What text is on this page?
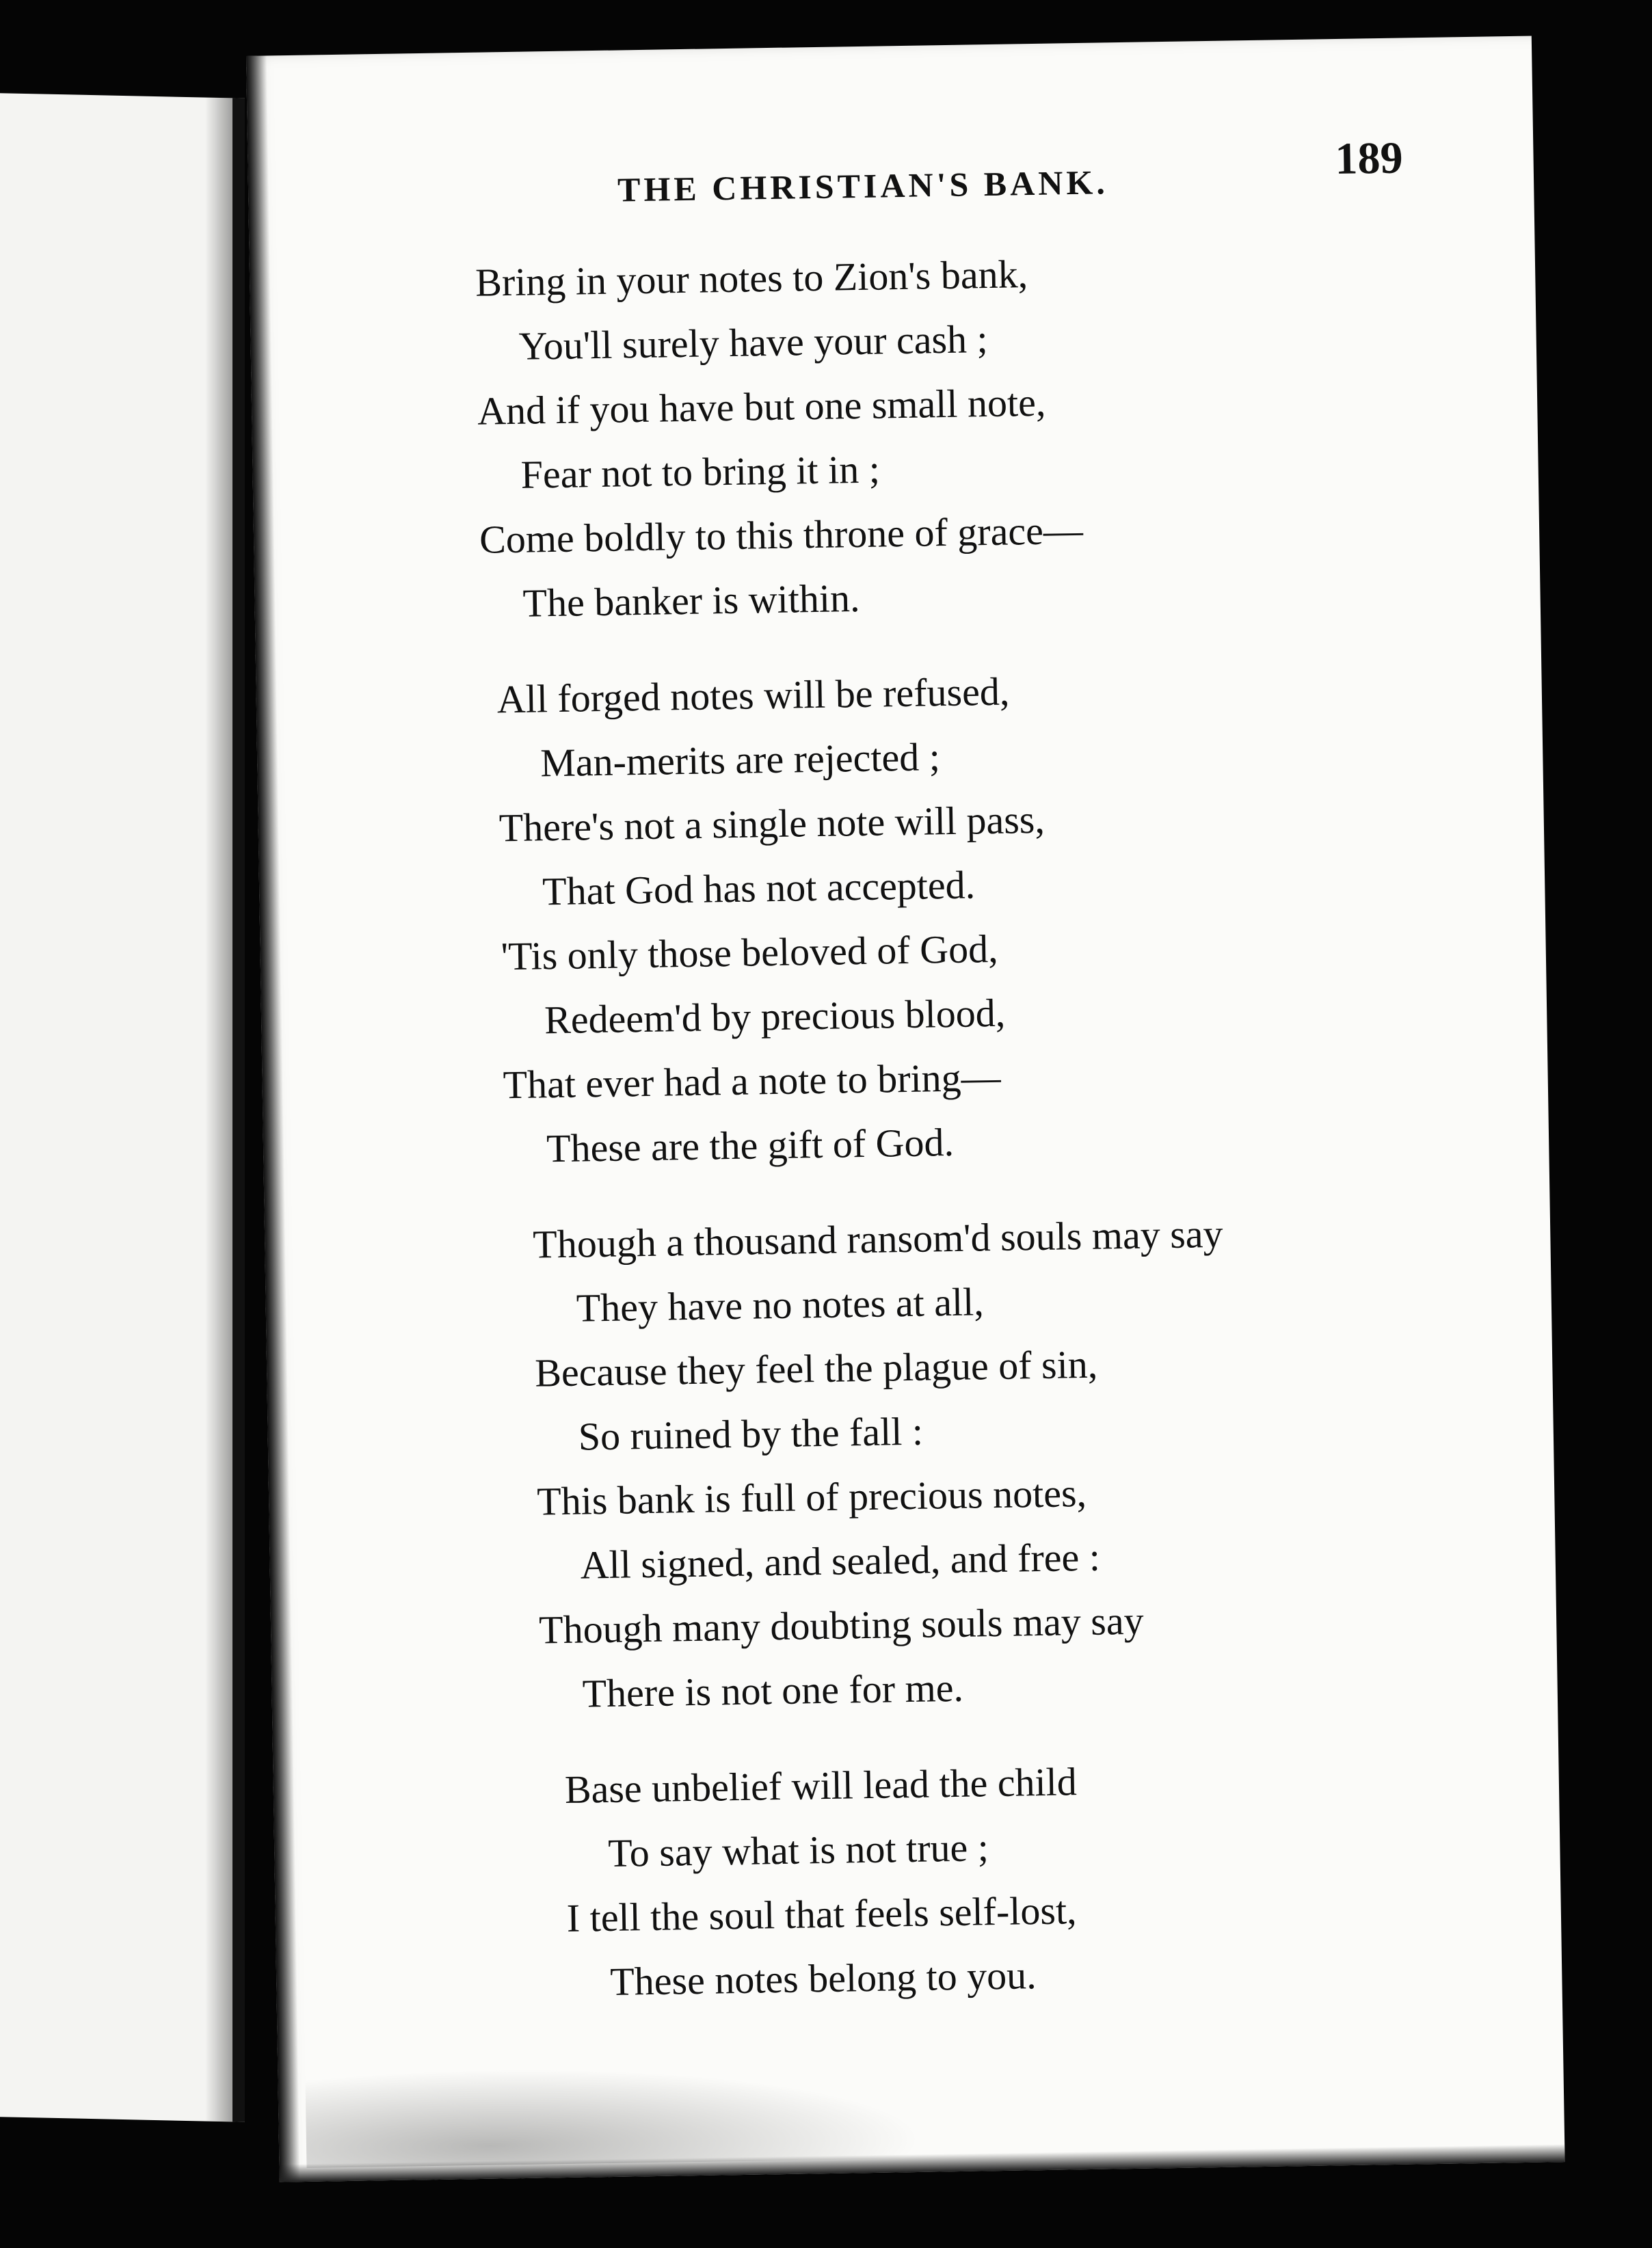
THE CHRISTIAN'S BANK.
189
Bring in your notes to Zion's bank,
You'll surely have your cash ;
And if you have but one small note,
Fear not to bring it in ;
Come boldly to this throne of grace—
The banker is within.
All forged notes will be refused,
Man-merits are rejected ;
There's not a single note will pass,
That God has not accepted.
'Tis only those beloved of God,
Redeem'd by precious blood,
That ever had a note to bring—
These are the gift of God.
Though a thousand ransom'd souls may say
They have no notes at all,
Because they feel the plague of sin,
So ruined by the fall :
This bank is full of precious notes,
All signed, and sealed, and free :
Though many doubting souls may say
There is not one for me.
Base unbelief will lead the child
To say what is not true ;
I tell the soul that feels self-lost,
These notes belong to you.
